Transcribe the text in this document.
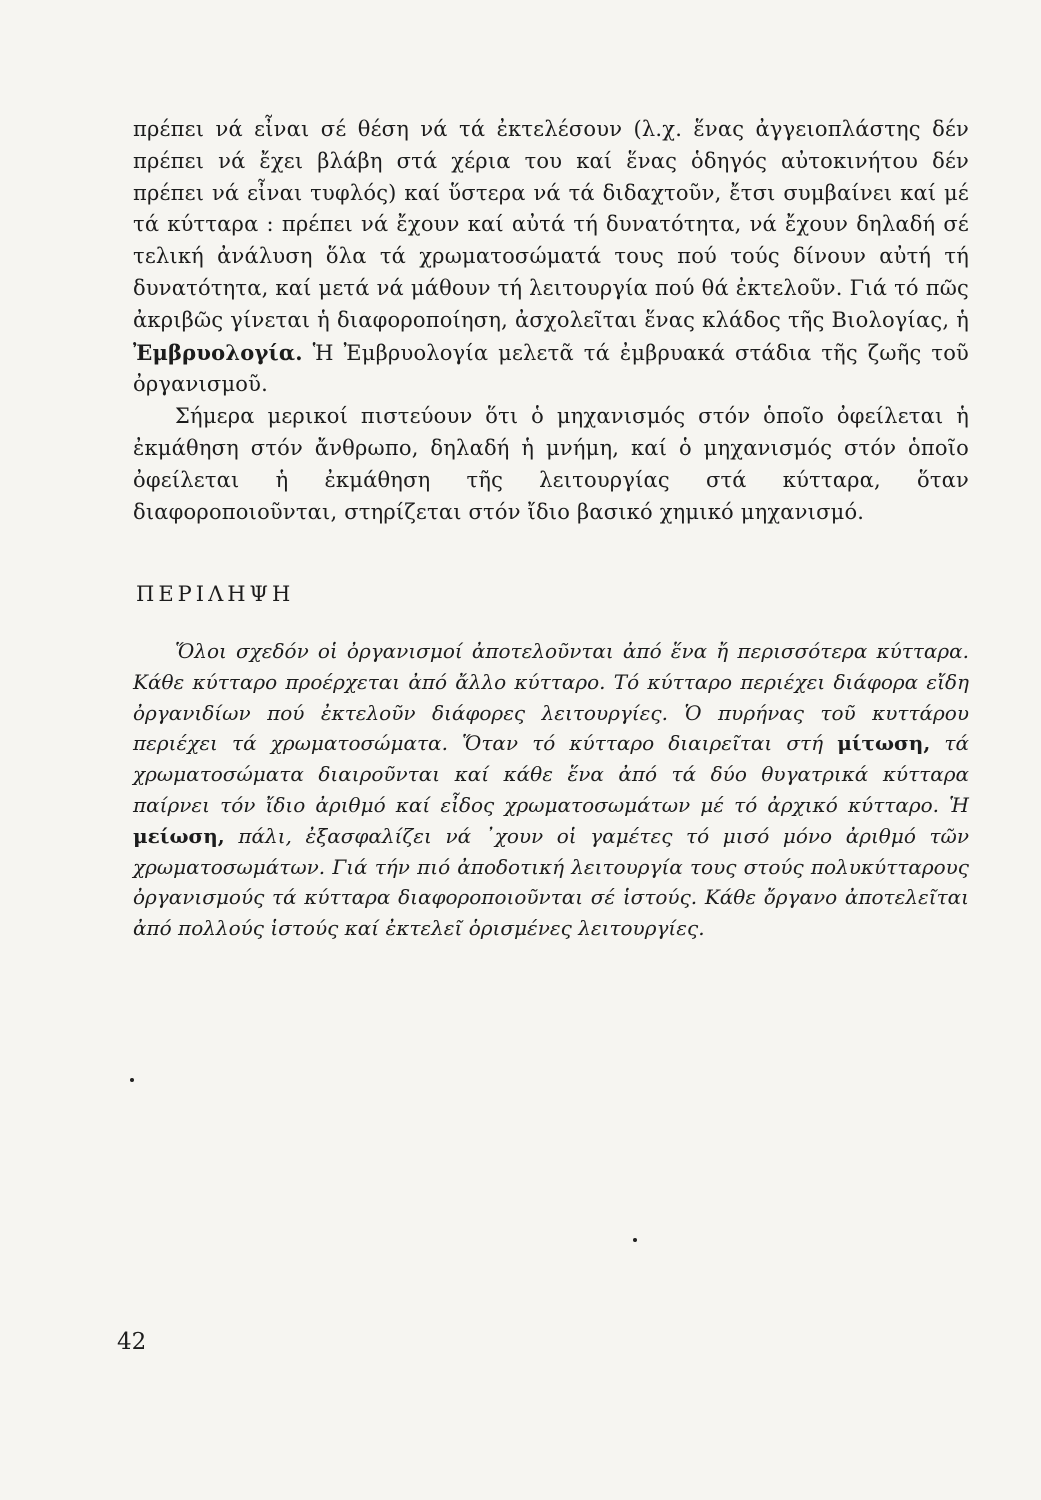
πρέπει νά εἶναι σέ θέση νά τά ἐκτελέσουν (λ.χ. ἕνας ἀγγειοπλάστης δέν πρέπει νά ἔχει βλάβη στά χέρια του καί ἕνας ὁδηγός αὐτοκινήτου δέν πρέπει νά εἶναι τυφλός) καί ὕστερα νά τά διδαχτοῦν, ἔτσι συμβαίνει καί μέ τά κύτταρα : πρέπει νά ἔχουν καί αὐτά τή δυνατότητα, νά ἔχουν δηλαδή σέ τελική ἀνάλυση ὅλα τά χρωματοσώματά τους πού τούς δίνουν αὐτή τή δυνατότητα, καί μετά νά μάθουν τή λειτουργία πού θά ἐκτελοῦν. Γιά τό πῶς ἀκριβῶς γίνεται ἡ διαφοροποίηση, ἀσχολεῖται ἕνας κλάδος τῆς Βιολογίας, ἡ Ἐμβρυολογία. Ἡ Ἐμβρυολογία μελετᾶ τά ἐμβρυακά στάδια τῆς ζωῆς τοῦ ὀργανισμοῦ.

Σήμερα μερικοί πιστεύουν ὅτι ὁ μηχανισμός στόν ὁποῖο ὀφείλεται ἡ ἐκμάθηση στόν ἄνθρωπο, δηλαδή ἡ μνήμη, καί ὁ μηχανισμός στόν ὁποῖο ὀφείλεται ἡ ἐκμάθηση τῆς λειτουργίας στά κύτταρα, ὅταν διαφοροποιοῦνται, στηρίζεται στόν ἴδιο βασικό χημικό μηχανισμό.

ΠΕΡΙΛΗΨΗ

Ὅλοι σχεδόν οἱ ὀργανισμοί ἀποτελοῦνται ἀπό ἕνα ἤ περισσότερα κύτταρα. Κάθε κύτταρο προέρχεται ἀπό ἄλλο κύτταρο. Τό κύτταρο περιέχει διάφορα εἴδη ὀργανιδίων πού ἐκτελοῦν διάφορες λειτουργίες. Ὁ πυρήνας τοῦ κυττάρου περιέχει τά χρωματοσώματα. Ὅταν τό κύτταρο διαιρεῖται στή μίτωση, τά χρωματοσώματα διαιροῦνται καί κάθε ἕνα ἀπό τά δύο θυγατρικά κύτταρα παίρνει τόν ἴδιο ἀριθμό καί εἶδος χρωματοσωμάτων μέ τό ἀρχικό κύτταρο. Ἡ μείωση, πάλι, ἐξασφαλίζει νά ᾽χουν οἱ γαμέτες τό μισό μόνο ἀριθμό τῶν χρωματοσωμάτων. Γιά τήν πιό ἀποδοτική λειτουργία τους στούς πολυκύτταρους ὀργανισμούς τά κύτταρα διαφοροποιοῦνται σέ ἱστούς. Κάθε ὄργανο ἀποτελεῖται ἀπό πολλούς ἱστούς καί ἐκτελεῖ ὁρισμένες λειτουργίες.

42
